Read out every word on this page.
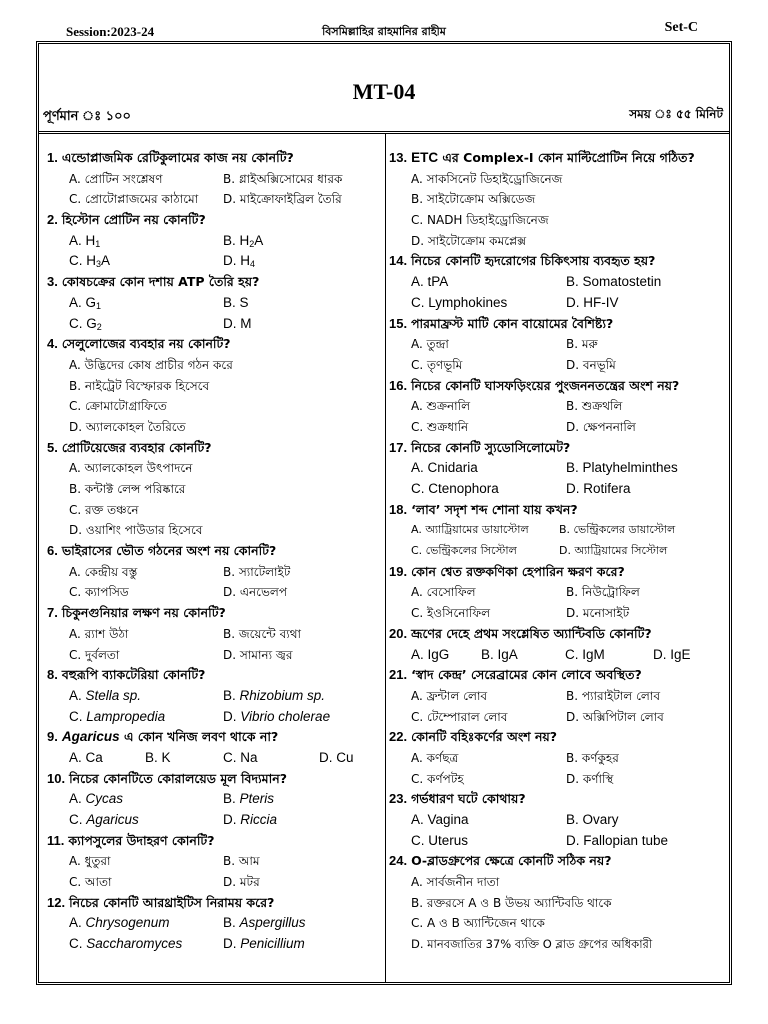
Session:2023-24	বিসমিল্লাহির রাহমানির রাহীম	Set-C
MT-04
পূর্ণমান ঃ ১০০	সময় ঃ ৫৫ মিনিট
1. এন্ডোপ্লাজমিক রেটিকুলামের কাজ নয় কোনটি?
A. প্রোটিন সংশ্লেষণ	B. গ্লাইঅক্সিসোমের ধারক
C. প্রোটোপ্লাজমের কাঠামো D. মাইক্রোফাইব্রিল তৈরি
2. হিস্টোন প্রোটিন নয় কোনটি?
A. $H_1$	B. $H_2A$
C. $H_3A$	D. $H_4$
3. কোষচক্রের কোন দশায় ATP তৈরি হয়?
A. $G_1$	B. S
C. $G_2$	D. M
4. সেলুলোজের ব্যবহার নয় কোনটি?
A. উদ্ভিদের কোষ প্রাচীর গঠন করে
B. নাইট্রেট বিস্ফোরক হিসেবে
C. ক্রোমাটোগ্রাফিতে
D. অ্যালকোহল তৈরিতে
5. প্রোটিয়েজের ব্যবহার কোনটি?
A. অ্যালকোহল উৎপাদনে
B. কন্টাক্ট লেন্স পরিষ্কারে
C. রক্ত তঞ্চনে
D. ওয়াশিং পাউডার হিসেবে
6. ভাইরাসের ভৌত গঠনের অংশ নয় কোনটি?
A. কেন্দ্রীয় বস্তু	B. স্যাটেলাইট
C. ক্যাপসিড	D. এনভেলপ
7. চিকুনগুনিয়ার লক্ষণ নয় কোনটি?
A. র‌্যাশ উঠা	B. জয়েন্টে ব্যথা
C. দুর্বলতা	D. সামান্য জ্বর
8. বহুরূপি ব্যাকটেরিয়া কোনটি?
A. Stella sp.	B. Rhizobium sp.
C. Lampropedia	D. Vibrio cholerae
9. Agaricus এ কোন খনিজ লবণ থাকে না?
A. Ca	B. K	C. Na	D. Cu
10. নিচের কোনটিতে কোরালয়েড মূল বিদ্যমান?
A. Cycas	B. Pteris
C. Agaricus	D. Riccia
11. ক্যাপসুলের উদাহরণ কোনটি?
A. ধুতুরা	B. আম
C. আতা	D. মটর
12. নিচের কোনটি আরথ্রাইটিস নিরাময় করে?
A. Chrysogenum	B. Aspergillus
C. Saccharomyces	D. Penicillium
13. ETC এর Complex-I কোন মাল্টিপ্রোটিন নিয়ে গঠিত?
A. সাকসিনেট ডিহাইড্রোজিনেজ
B. সাইটোক্রোম অক্সিডেজ
C. NADH ডিহাইড্রোজিনেজ
D. সাইটোক্রোম কমপ্লেক্স
14. নিচের কোনটি হৃদরোগের চিকিৎসায় ব্যবহৃত হয়?
A. tPA	B. Somatostetin
C. Lymphokines	D. HF-IV
15. পারমাফ্রস্ট মাটি কোন বায়োমের বৈশিষ্ট্য?
A. তুন্দ্রা	B. মরু
C. তৃণভূমি	D. বনভূমি
16. নিচের কোনটি ঘাসফড়িংয়ের পুংজননতন্ত্রের অংশ নয়?
A. শুক্রনালি	B. শুক্রথলি
C. শুক্রধানি	D. ক্ষেপননালি
17. নিচের কোনটি স্যুডোসিলোমেট?
A. Cnidaria	B. Platyhelminthes
C. Ctenophora	D. Rotifera
18. ‘লাব’ সদৃশ শব্দ শোনা যায় কখন?
A. অ্যাট্রিয়ামের ডায়াস্টোল	B. ভেন্ট্রিকলের ডায়াস্টোল
C. ভেন্ট্রিকলের সিস্টোল	D. অ্যাট্রিয়ামের সিস্টোল
19. কোন শ্বেত রক্তকণিকা হেপারিন ক্ষরণ করে?
A. বেসোফিল	B. নিউট্রোফিল
C. ইওসিনোফিল	D. মনোসাইট
20. ভ্রূণের দেহে প্রথম সংশ্লেষিত অ্যান্টিবডি কোনটি?
A. IgG B. IgA	C. IgM	D. IgE
21. ‘স্বাদ কেন্দ্র’ সেরেব্রামের কোন লোবে অবস্থিত?
A. ফ্রন্টাল লোব	B. প্যারাইটাল লোব
C. টেম্পোরাল লোব	D. অক্সিপিটাল লোব
22. কোনটি বহিঃকর্ণের অংশ নয়?
A. কর্ণছত্র	B. কর্ণকুহর
C. কর্ণপটহ	D. কর্ণাস্থি
23. গর্ভধারণ ঘটে কোথায়?
A. Vagina	B. Ovary
C. Uterus	D. Fallopian tube
24. O-ব্লাডগ্রুপের ক্ষেত্রে কোনটি সঠিক নয়?
A. সার্বজনীন দাতা
B. রক্তরসে A ও B উভয় অ্যান্টিবডি থাকে
C. A ও B অ্যান্টিজেন থাকে
D. মানবজাতির 37% ব্যক্তি O ব্লাড গ্রুপের অধিকারী
